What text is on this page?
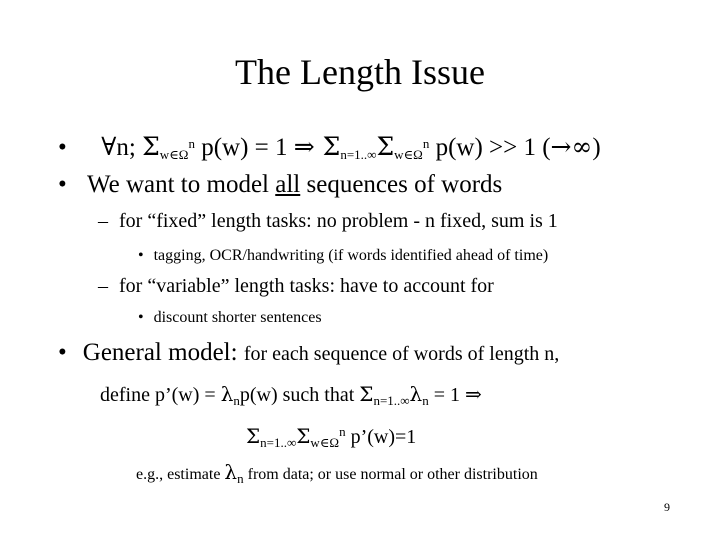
The Length Issue
• ∀n; $\Sigma_{w\in\Omega}^n$ p(w) = 1 ⇒ $\Sigma_{n=1..\infty}\Sigma_{w\in\Omega}^n$ p(w) >> 1 (→∞)
• We want to model all sequences of words
– for “fixed” length tasks: no problem - n fixed, sum is 1
• tagging, OCR/handwriting (if words identified ahead of time)
– for “variable” length tasks: have to account for
• discount shorter sentences
• General model: for each sequence of words of length n,
define p’(w) = $\lambda_np(w)$ such that $\Sigma_{n=1..\infty}\lambda_n = 1$ ⇒
$\Sigma_{n=1..\infty}\Sigma_{w\in\Omega}^n$ p’(w)=1
e.g., estimate $\lambda_n$ from data; or use normal or other distribution
9
